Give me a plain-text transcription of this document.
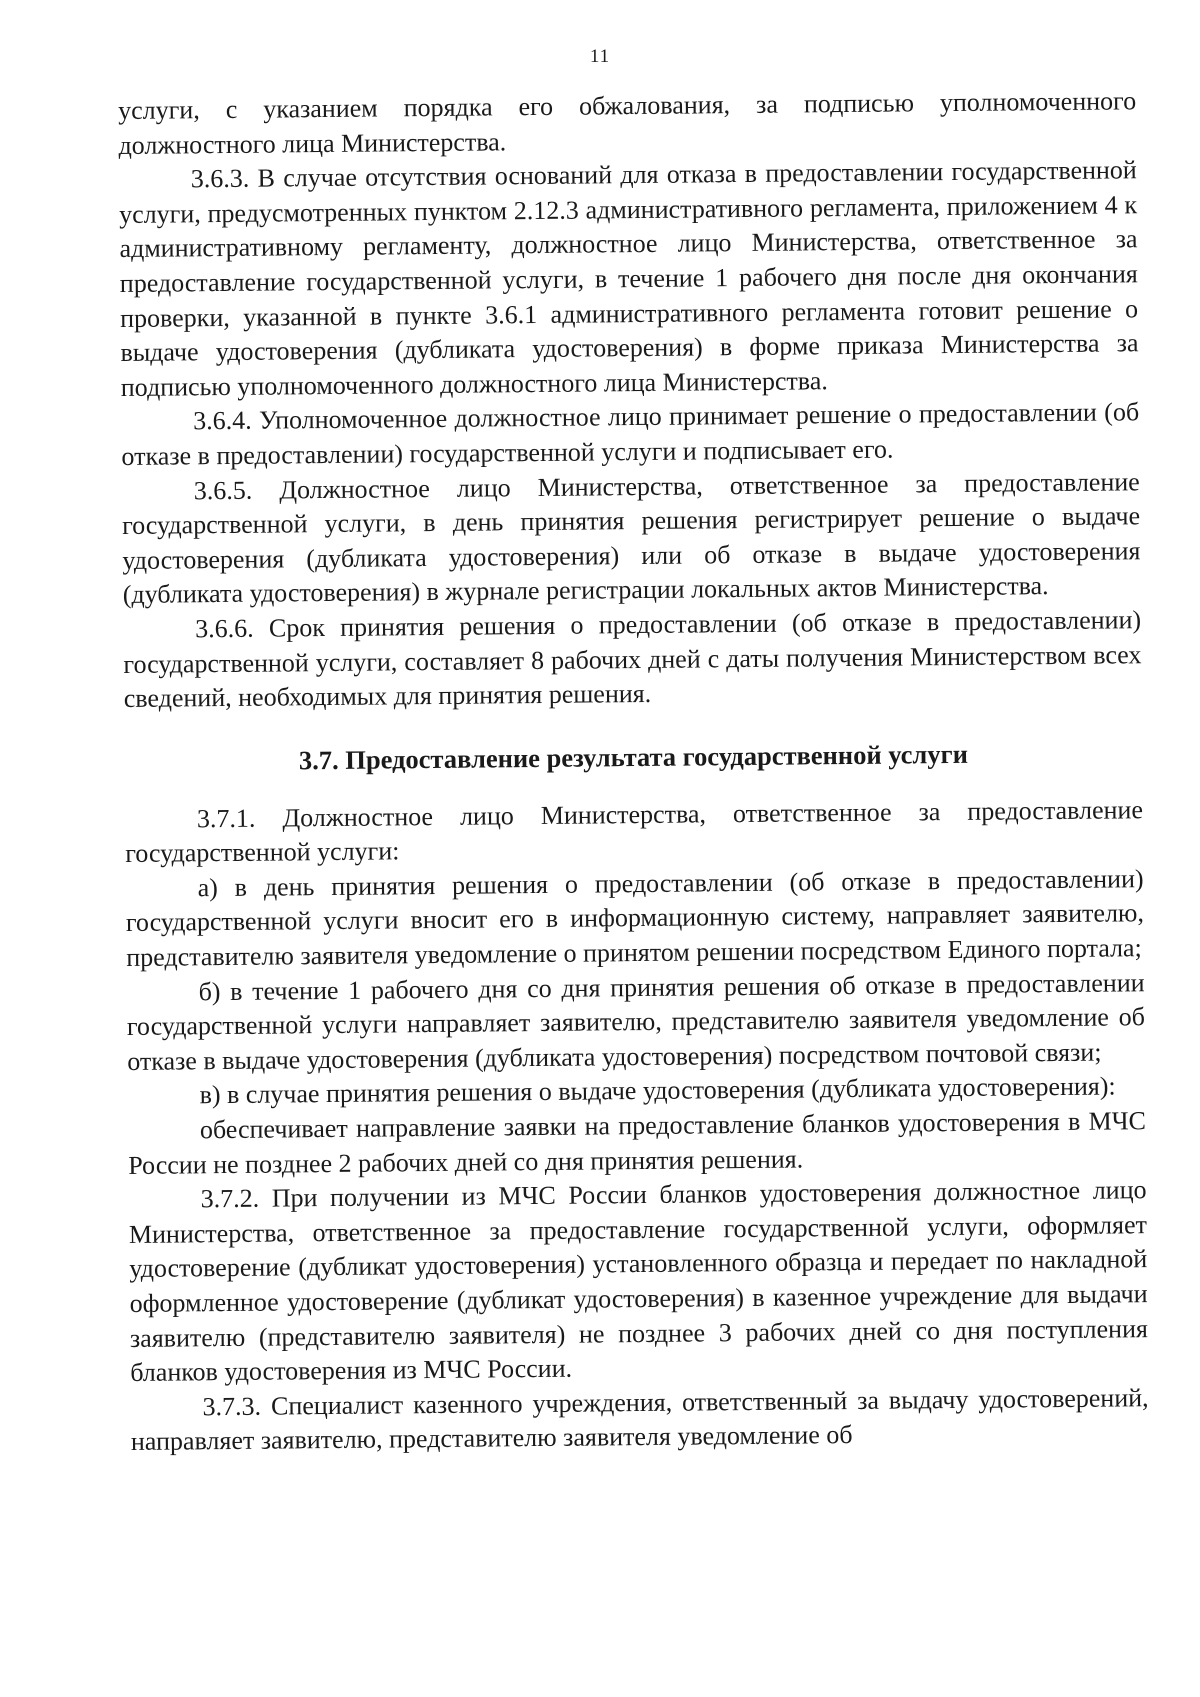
11

услуги, с указанием порядка его обжалования, за подписью уполномоченного должностного лица Министерства.

3.6.3. В случае отсутствия оснований для отказа в предоставлении государственной услуги, предусмотренных пунктом 2.12.3 административного регламента, приложением 4 к административному регламенту, должностное лицо Министерства, ответственное за предоставление государственной услуги, в течение 1 рабочего дня после дня окончания проверки, указанной в пункте 3.6.1 административного регламента готовит решение о выдаче удостоверения (дубликата удостоверения) в форме приказа Министерства за подписью уполномоченного должностного лица Министерства.

3.6.4. Уполномоченное должностное лицо принимает решение о предоставлении (об отказе в предоставлении) государственной услуги и подписывает его.

3.6.5. Должностное лицо Министерства, ответственное за предоставление государственной услуги, в день принятия решения регистрирует решение о выдаче удостоверения (дубликата удостоверения) или об отказе в выдаче удостоверения (дубликата удостоверения) в журнале регистрации локальных актов Министерства.

3.6.6. Срок принятия решения о предоставлении (об отказе в предоставлении) государственной услуги, составляет 8 рабочих дней с даты получения Министерством всех сведений, необходимых для принятия решения.

3.7. Предоставление результата государственной услуги

3.7.1. Должностное лицо Министерства, ответственное за предоставление государственной услуги:

а) в день принятия решения о предоставлении (об отказе в предоставлении) государственной услуги вносит его в информационную систему, направляет заявителю, представителю заявителя уведомление о принятом решении посредством Единого портала;

б) в течение 1 рабочего дня со дня принятия решения об отказе в предоставлении государственной услуги направляет заявителю, представителю заявителя уведомление об отказе в выдаче удостоверения (дубликата удостоверения) посредством почтовой связи;

в) в случае принятия решения о выдаче удостоверения (дубликата удостоверения):

обеспечивает направление заявки на предоставление бланков удостоверения в МЧС России не позднее 2 рабочих дней со дня принятия решения.

3.7.2. При получении из МЧС России бланков удостоверения должностное лицо Министерства, ответственное за предоставление государственной услуги, оформляет удостоверение (дубликат удостоверения) установленного образца и передает по накладной оформленное удостоверение (дубликат удостоверения) в казенное учреждение для выдачи заявителю (представителю заявителя) не позднее 3 рабочих дней со дня поступления бланков удостоверения из МЧС России.

3.7.3. Специалист казенного учреждения, ответственный за выдачу удостоверений, направляет заявителю, представителю заявителя уведомление об
